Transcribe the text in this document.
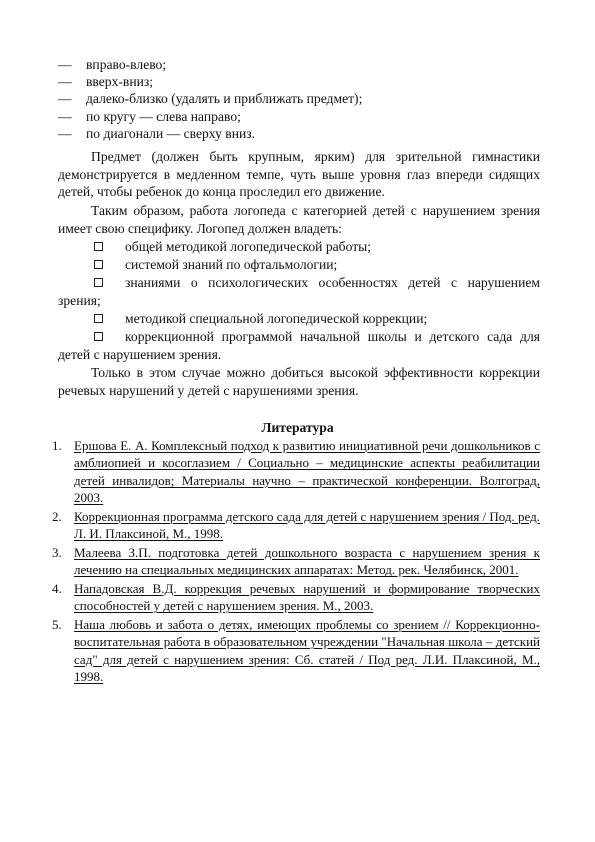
— вправо-влево;
— вверх-вниз;
— далеко-близко (удалять и приближать предмет);
— по кругу — слева направо;
— по диагонали — сверху вниз.
Предмет (должен быть крупным, ярким) для зрительной гимнастики демонстрируется в медленном темпе, чуть выше уровня глаз впереди сидящих детей, чтобы ребенок до конца проследил его движение.
Таким образом, работа логопеда с категорией детей с нарушением зрения имеет свою специфику. Логопед должен владеть:
общей методикой логопедической работы;
системой знаний по офтальмологии;
знаниями о психологических особенностях детей с нарушением зрения;
методикой специальной логопедической коррекции;
коррекционной программой начальной школы и детского сада для детей с нарушением зрения.
Только в этом случае можно добиться высокой эффективности коррекции речевых нарушений у детей с нарушениями зрения.
Литература
1. Ершова Е. А. Комплексный подход к развитию инициативной речи дошкольников с амблиопией и косоглазием / Социально – медицинские аспекты реабилитации детей инвалидов; Материалы научно – практической конференции. Волгоград, 2003.
2. Коррекционная программа детского сада для детей с нарушением зрения / Под. ред. Л. И. Плаксиной, М., 1998.
3. Малеева З.П. подготовка детей дошкольного возраста с нарушением зрения к лечению на специальных медицинских аппаратах: Метод. рек. Челябинск, 2001.
4. Нападовская В.Д. коррекция речевых нарушений и формирование творческих способностей у детей с нарушением зрения. М., 2003.
5. Наша любовь и забота о детях, имеющих проблемы со зрением // Коррекционно-воспитательная работа в образовательном учреждении "Начальная школа – детский сад" для детей с нарушением зрения: Сб. статей / Под ред. Л.И. Плаксиной, М., 1998.
